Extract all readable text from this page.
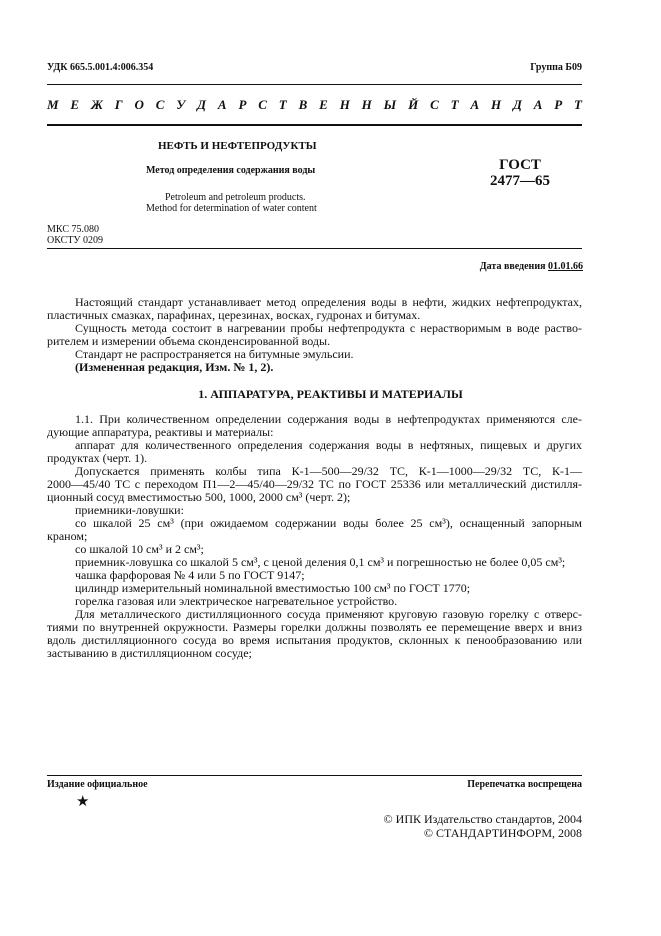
УДК 665.5.001.4:006.354	Группа Б09
М Е Ж Г О С У Д А Р С Т В Е Н Н Ы Й С Т А Н Д А Р Т
НЕФТЬ И НЕФТЕПРОДУКТЫ
Метод определения содержания воды
Petroleum and petroleum products.
Method for determination of water content
ГОСТ
2477—65
МКС 75.080
ОКСТУ 0209
Дата введения 01.01.66
Настоящий стандарт устанавливает метод определения воды в нефти, жидких нефтепродуктах,
пластичных смазках, парафинах, церезинах, восках, гудронах и битумах.
Сущность метода состоит в нагревании пробы нефтепродукта с нерастворимым в воде раство-
рителем и измерении объема сконденсированной воды.
Стандарт не распространяется на битумные эмульсии.
(Измененная редакция, Изм. № 1, 2).
1. АППАРАТУРА, РЕАКТИВЫ И МАТЕРИАЛЫ
1.1. При количественном определении содержания воды в нефтепродуктах применяются сле-
дующие аппаратура, реактивы и материалы:
аппарат для количественного определения содержания воды в нефтяных, пищевых и других
продуктах (черт. 1).
Допускается применять колбы типа К-1—500—29/32 ТС, К-1—1000—29/32 ТС, К-1—
2000—45/40 ТС с переходом П1—2—45/40—29/32 ТС по ГОСТ 25336 или металлический дистилля-
ционный сосуд вместимостью 500, 1000, 2000 см³ (черт. 2);
приемники-ловушки:
со шкалой 25 см³ (при ожидаемом содержании воды более 25 см³), оснащенный запорным
краном;
со шкалой 10 см³ и 2 см³;
приемник-ловушка со шкалой 5 см³, с ценой деления 0,1 см³ и погрешностью не более 0,05 см³;
чашка фарфоровая № 4 или 5 по ГОСТ 9147;
цилиндр измерительный номинальной вместимостью 100 см³ по ГОСТ 1770;
горелка газовая или электрическое нагревательное устройство.
Для металлического дистилляционного сосуда применяют круговую газовую горелку с отверс-
тиями по внутренней окружности. Размеры горелки должны позволять ее перемещение вверх и вниз
вдоль дистилляционного сосуда во время испытания продуктов, склонных к пенообразованию или
застыванию в дистилляционном сосуде;
Издание официальное	Перепечатка воспрещена
★
© ИПК Издательство стандартов, 2004
© СТАНДАРТИНФОРМ, 2008
